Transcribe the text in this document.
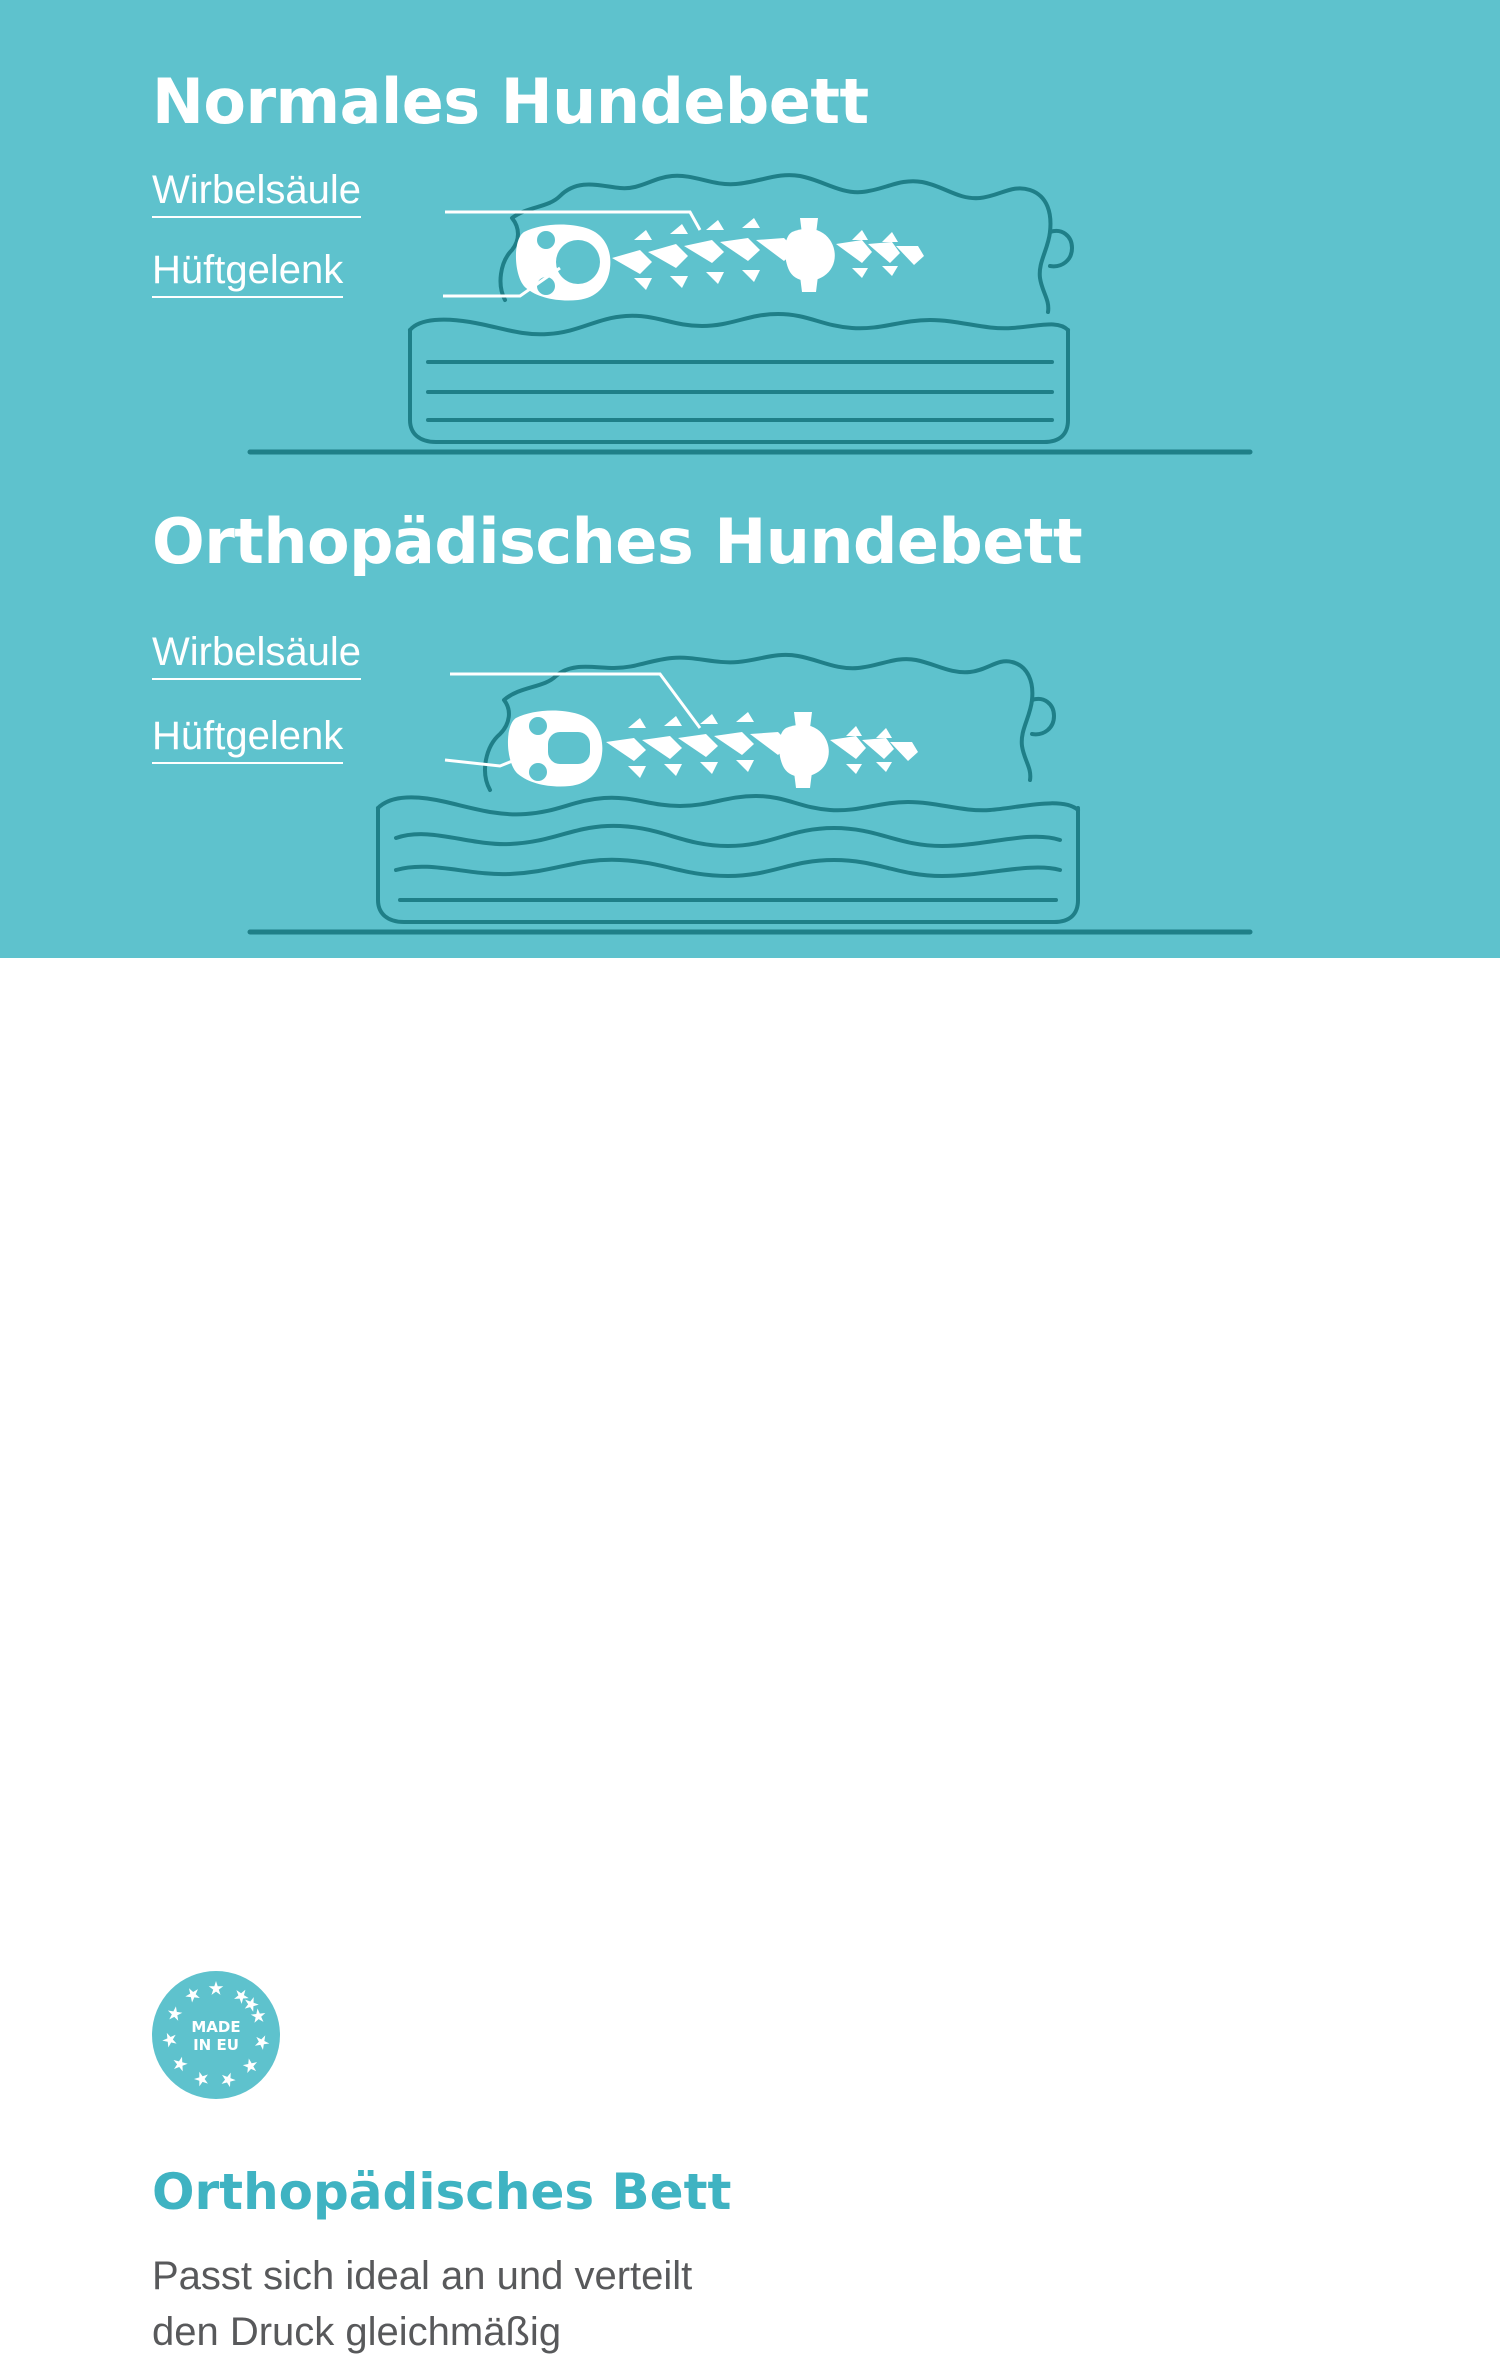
Normales Hundebett
Wirbelsäule
Hüftgelenk
Orthopädisches Hundebett
Wirbelsäule
Hüftgelenk
MADE
IN EU
Orthopädisches Bett
Passt sich ideal an und verteilt
den Druck gleichmäßig
